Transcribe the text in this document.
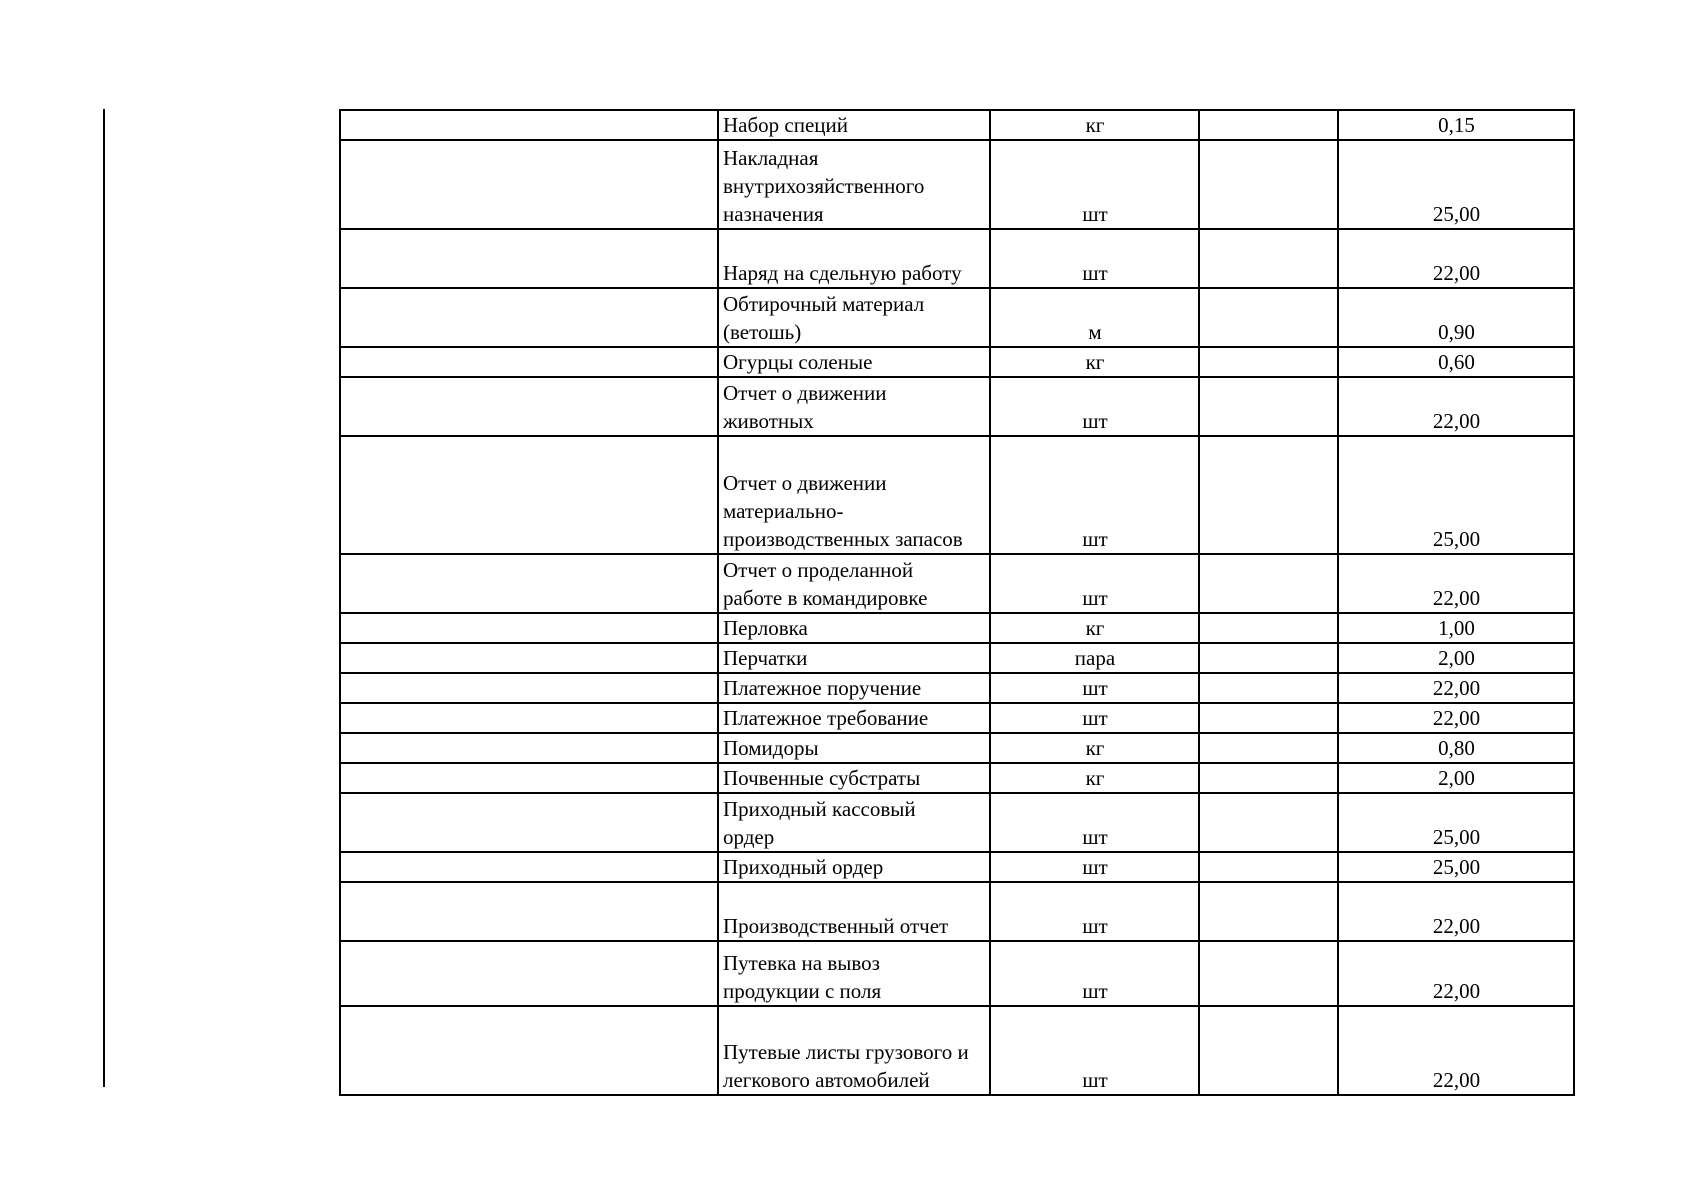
	Набор специй	кг		0,15

	Накладная
внутрихозяйственного
назначения	шт		25,00

	Наряд на сдельную работу	шт		22,00

	Обтирочный материал
(ветошь)	м		0,90

	Огурцы соленые	кг		0,60

	Отчет о движении
животных	шт		22,00

	Отчет о движении
материально-
производственных запасов	шт		25,00

	Отчет о проделанной
работе в командировке	шт		22,00

	Перловка	кг		1,00

	Перчатки	пара		2,00

	Платежное поручение	шт		22,00

	Платежное требование	шт		22,00

	Помидоры	кг		0,80

	Почвенные субстраты	кг		2,00

	Приходный кассовый
ордер	шт		25,00

	Приходный ордер	шт		25,00

	Производственный отчет	шт		22,00

	Путевка на вывоз
продукции с поля	шт		22,00

	Путевые листы грузового и
легкового автомобилей	шт		22,00
